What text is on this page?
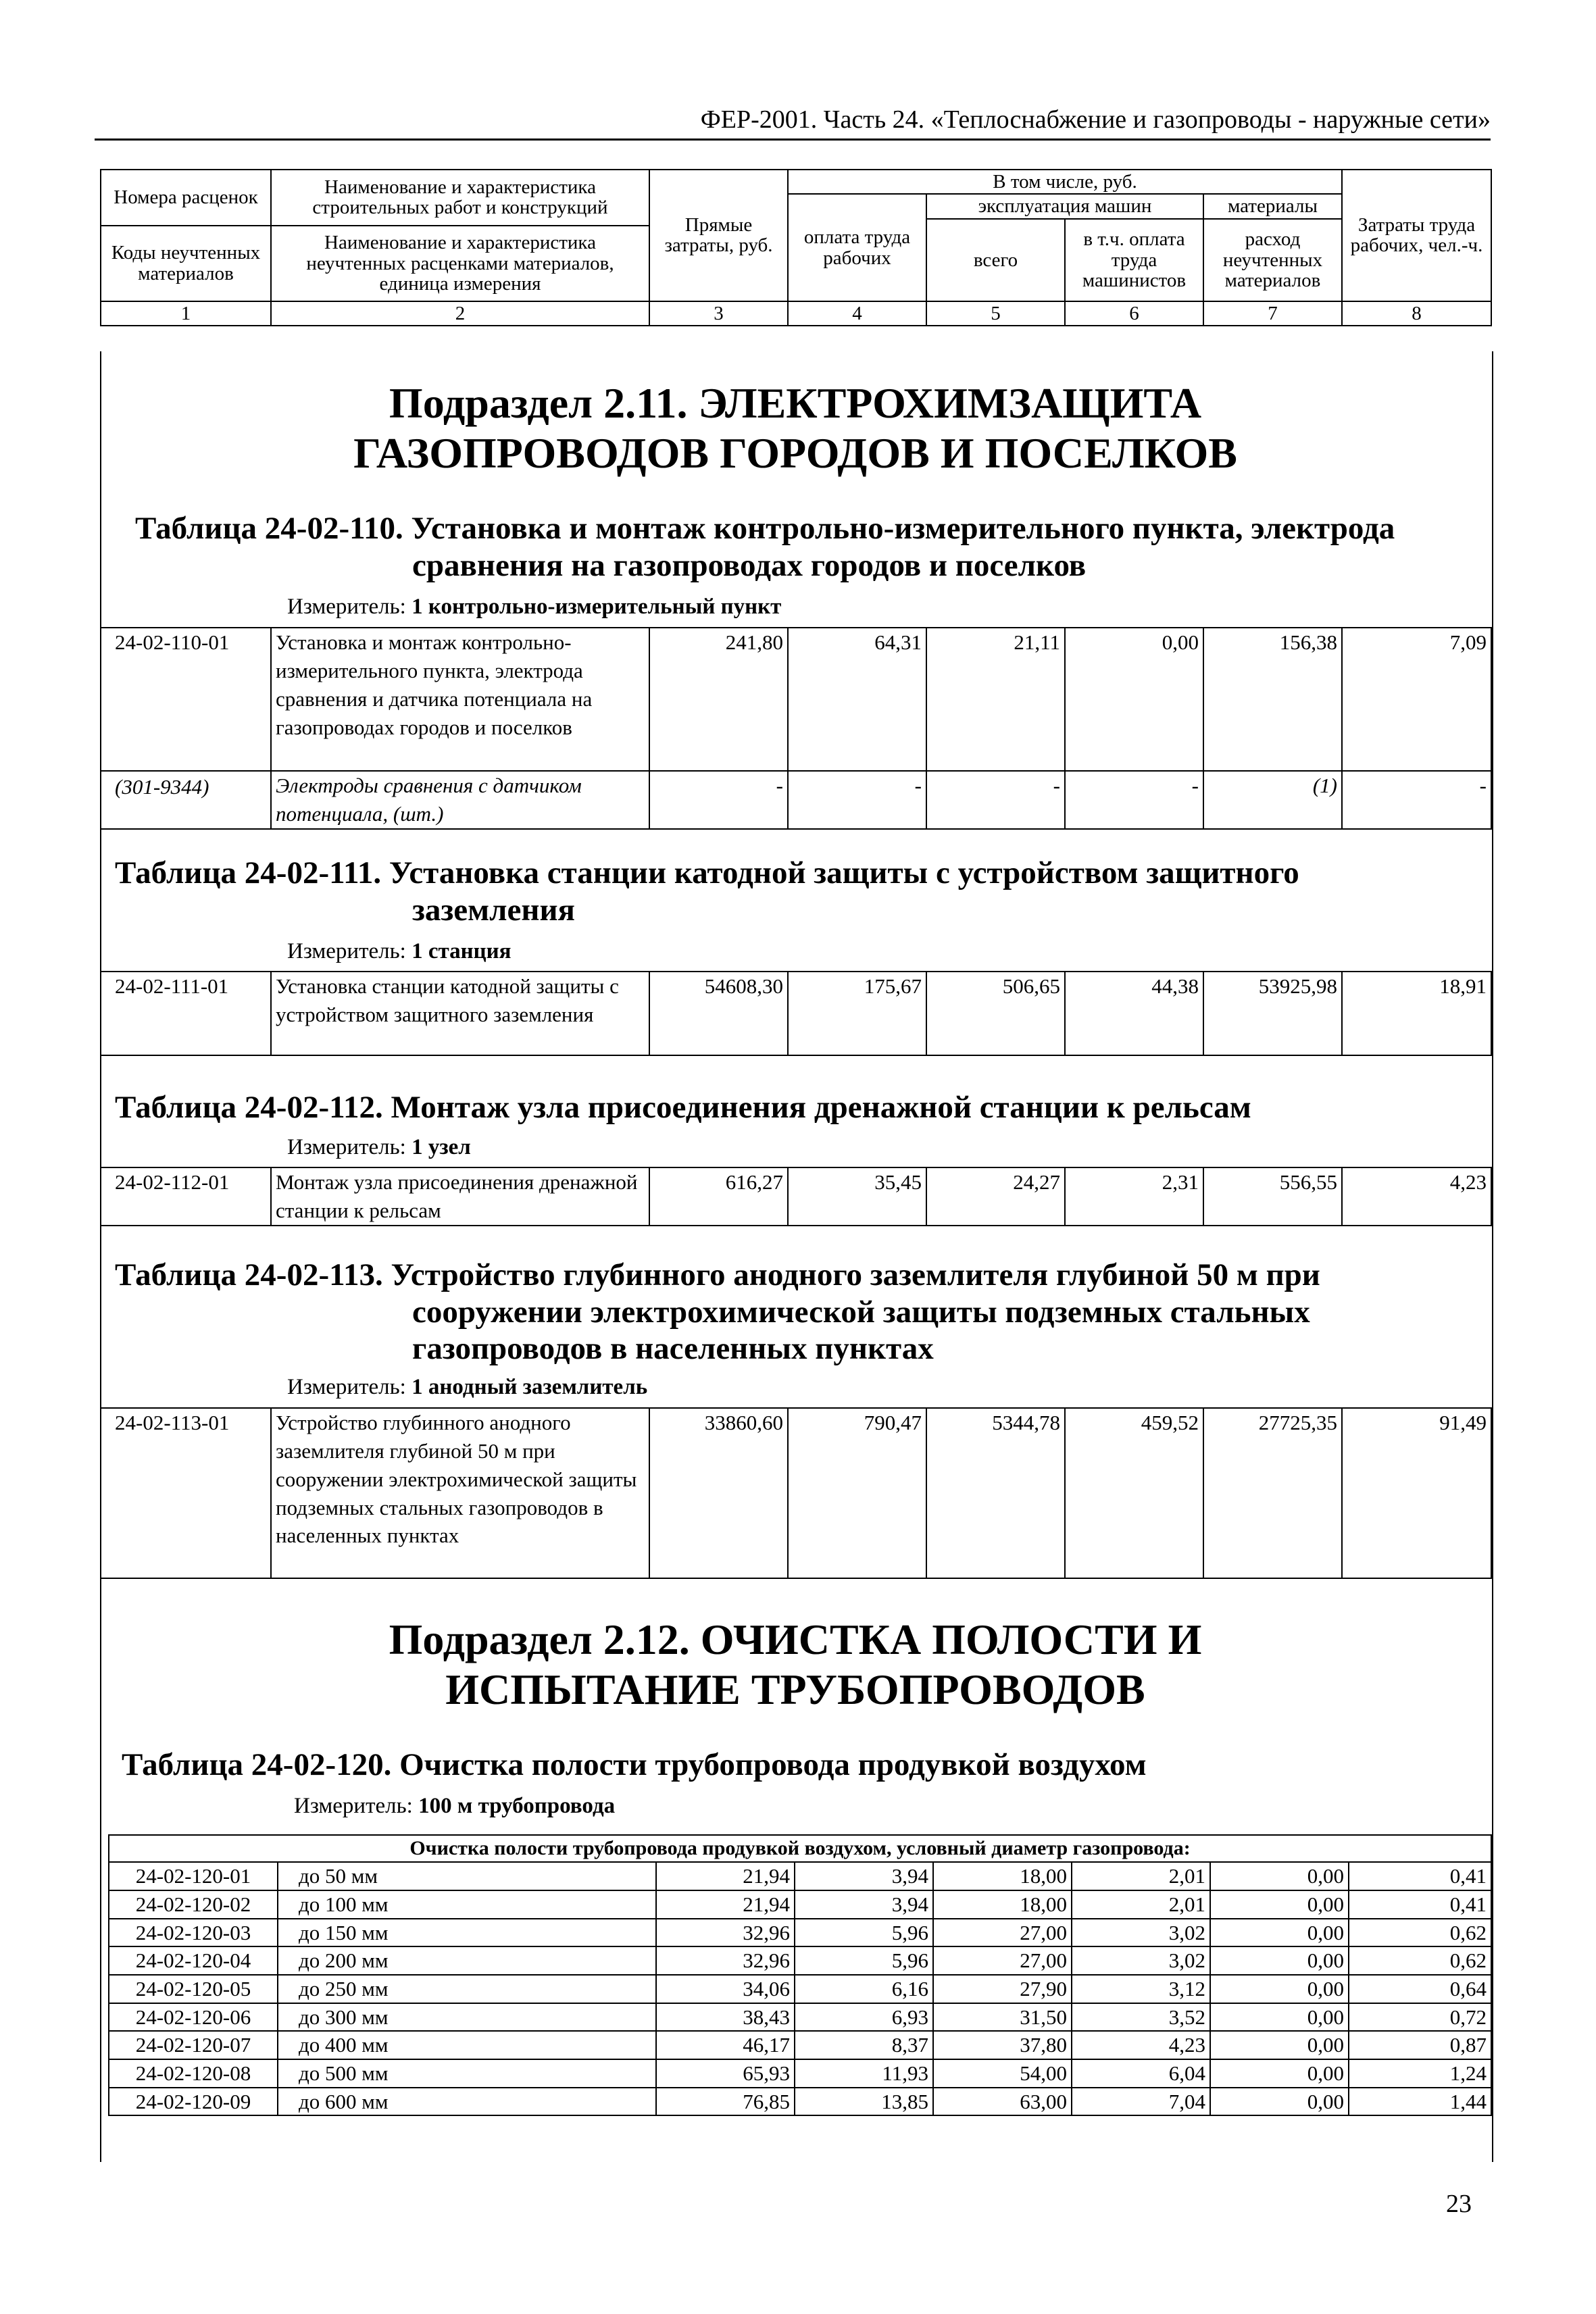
ФЕР-2001. Часть 24. «Теплоснабжение и газопроводы - наружные сети»
Номера расценок	Наименование и характеристика строительных работ и конструкций	Прямые затраты, руб.	В том числе, руб.				Затраты труда рабочих, чел.-ч.
			оплата труда рабочих	эксплуатация машин		материалы	
				всего	в т.ч. оплата труда машинистов	расход неучтенных материалов	
Коды неучтенных материалов	Наименование и характеристика неучтенных расценками материалов, единица измерения						

1	2	3	4	5	6	7	8
Подраздел 2.11. ЭЛЕКТРОХИМЗАЩИТА ГАЗОПРОВОДОВ ГОРОДОВ И ПОСЕЛКОВ
Таблица 24-02-110. Установка и монтаж контрольно-измерительного пункта, электрода
сравнения на газопроводах городов и поселков
Измеритель: 1 контрольно-измерительный пункт
24-02-110-01	Установка и монтаж контрольно-измерительного пункта, электрода сравнения и датчика потенциала на газопроводах городов и поселков	241,80	64,31	21,11	0,00	156,38	7,09
(301-9344)	Электроды сравнения с датчиком потенциала, (шт.)	-	-	-	-	(1)	-
Таблица 24-02-111. Установка станции катодной защиты с устройством защитного
заземления
Измеритель: 1 станция
24-02-111-01	Установка станции катодной защиты с устройством защитного заземления	54608,30	175,67	506,65	44,38	53925,98	18,91
Таблица 24-02-112. Монтаж узла присоединения дренажной станции к рельсам
Измеритель: 1 узел
24-02-112-01	Монтаж узла присоединения дренажной станции к рельсам	616,27	35,45	24,27	2,31	556,55	4,23
Таблица 24-02-113. Устройство глубинного анодного заземлителя глубиной 50 м при
сооружении электрохимической защиты подземных стальных
газопроводов в населенных пунктах
Измеритель: 1 анодный заземлитель
24-02-113-01	Устройство глубинного анодного заземлителя глубиной 50 м при сооружении электрохимической защиты подземных стальных газопроводов в населенных пунктах	33860,60	790,47	5344,78	459,52	27725,35	91,49
Подраздел 2.12. ОЧИСТКА ПОЛОСТИ И ИСПЫТАНИЕ ТРУБОПРОВОДОВ
Таблица 24-02-120. Очистка полости трубопровода продувкой воздухом
Измеритель: 100 м трубопровода
Очистка полости трубопровода продувкой воздухом, условный диаметр газопровода:							
24-02-120-01	до 50 мм	21,94	3,94	18,00	2,01	0,00	0,41
24-02-120-02	до 100 мм	21,94	3,94	18,00	2,01	0,00	0,41
24-02-120-03	до 150 мм	32,96	5,96	27,00	3,02	0,00	0,62
24-02-120-04	до 200 мм	32,96	5,96	27,00	3,02	0,00	0,62
24-02-120-05	до 250 мм	34,06	6,16	27,90	3,12	0,00	0,64
24-02-120-06	до 300 мм	38,43	6,93	31,50	3,52	0,00	0,72
24-02-120-07	до 400 мм	46,17	8,37	37,80	4,23	0,00	0,87
24-02-120-08	до 500 мм	65,93	11,93	54,00	6,04	0,00	1,24
24-02-120-09	до 600 мм	76,85	13,85	63,00	7,04	0,00	1,44
23
